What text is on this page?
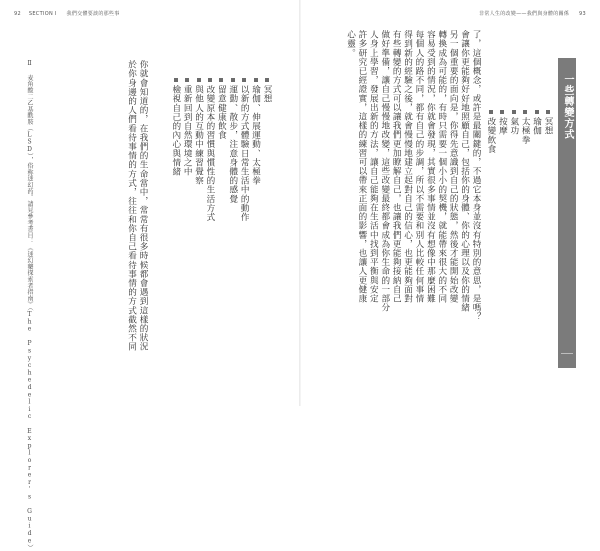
92 SECTION I 我們交體要談的那些事
Ⅱ 麦角酸二乙基酰胺（LSD），俗称迷幻药。請見參考書目：《迷幻藥探索者指南》（The Psychedelic Explorer's Guide）	你就會知道的，在我們的生命當中，常常有很多時候都會遇到這樣的狀況
於你身邊的人們看待事情的方式，往往和你自己看待事情的方式截然不同	冥想
瑜伽、伸展運動、太極拳
以新的方式體驗日常生活中的動作
運動、散步，注意身體的感覺
留意健康飲食
改變原本的習慣與慣性的生活方式
與他人的互動中練習覺察
重新回到自然環境之中
檢視自己的內心與情緒
非常人生的改變——我們與身體的關係 93
了，這個概念，或許是最關鍵的，不過它本身並沒有特別的意思，是嗎？
會讓你更能夠好好地照顧自己，包括你的身體、你的心理以及你的情緒
另一個重要的面向是，你得先意識到自己的狀態，然後才能開始改變
轉換成為可能的，有時只需要一個小小的契機，就能帶來很大的不同
容易受到的情況，你就會發現，其實很多事情並沒有想像中那麼困難
每個人的路不同，都有自己的步調，所以不需要和別人比較任何事情
得到新的經驗之後，就會慢慢地建立起對自己的信心，也更能夠面對
有些轉變的方式可以讓我們更加瞭解自己，也讓我們更能夠接納自己
做好準備，讓自己慢慢地改變，這些改變最終都會成為你生命的一部分
人身上學習，發展出新的方法，讓自己能夠在生活中找到平衡與安定
許多研究已經證實，這樣的練習可以帶來正面的影響，也讓人更健康
心靈。
冥想
瑜伽
太極拳
氣功
按摩
改變飲食	一些轉變方式
